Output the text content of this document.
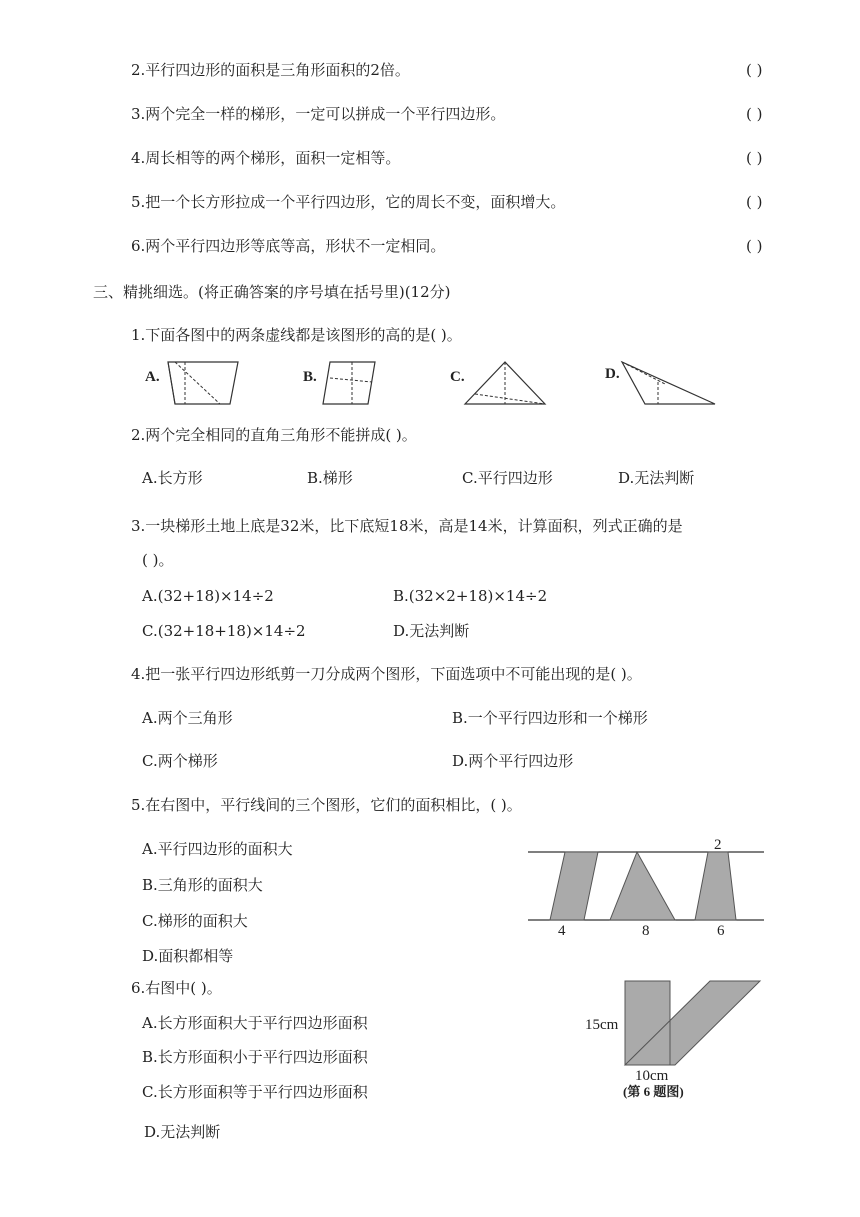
2.平行四边形的面积是三角形面积的2倍。	( )
3.两个完全一样的梯形，一定可以拼成一个平行四边形。	( )
4.周长相等的两个梯形，面积一定相等。	( )
5.把一个长方形拉成一个平行四边形，它的周长不变，面积增大。	( )
6.两个平行四边形等底等高，形状不一定相同。	( )
三、精挑细选。(将正确答案的序号填在括号里)(12分)
1.下面各图中的两条虚线都是该图形的高的是( )。
A.	B.	C.	D.
2.两个完全相同的直角三角形不能拼成( )。
A.长方形	B.梯形	C.平行四边形	D.无法判断
3.一块梯形土地上底是32米，比下底短18米，高是14米，计算面积，列式正确的是
( )。
A.(32+18)×14÷2	B.(32×2+18)×14÷2
C.(32+18+18)×14÷2	D.无法判断
4.把一张平行四边形纸剪一刀分成两个图形，下面选项中不可能出现的是( )。
A.两个三角形	B.一个平行四边形和一个梯形
C.两个梯形	D.两个平行四边形
5.在右图中，平行线间的三个图形，它们的面积相比，( )。
A.平行四边形的面积大
B.三角形的面积大
C.梯形的面积大
D.面积都相等
2
4	8	6
6.右图中( )。
A.长方形面积大于平行四边形面积
B.长方形面积小于平行四边形面积
C.长方形面积等于平行四边形面积
D.无法判断
15cm
10cm
(第 6 题图)
